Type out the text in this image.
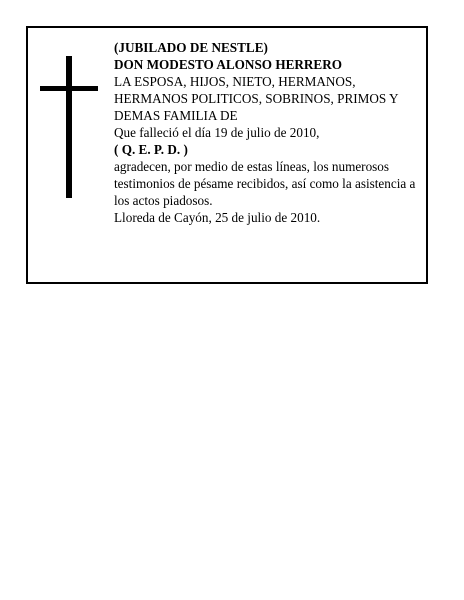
(JUBILADO DE NESTLE)
DON MODESTO ALONSO HERRERO
LA ESPOSA, HIJOS, NIETO, HERMANOS, HERMANOS POLITICOS, SOBRINOS, PRIMOS Y DEMAS FAMILIA DE
Que falleció el día 19 de julio de 2010,
( Q. E. P. D. )
agradecen, por medio de estas líneas, los numerosos testimonios de pésame recibidos, así como la asistencia a los actos piadosos.
Lloreda de Cayón, 25 de julio de 2010.
